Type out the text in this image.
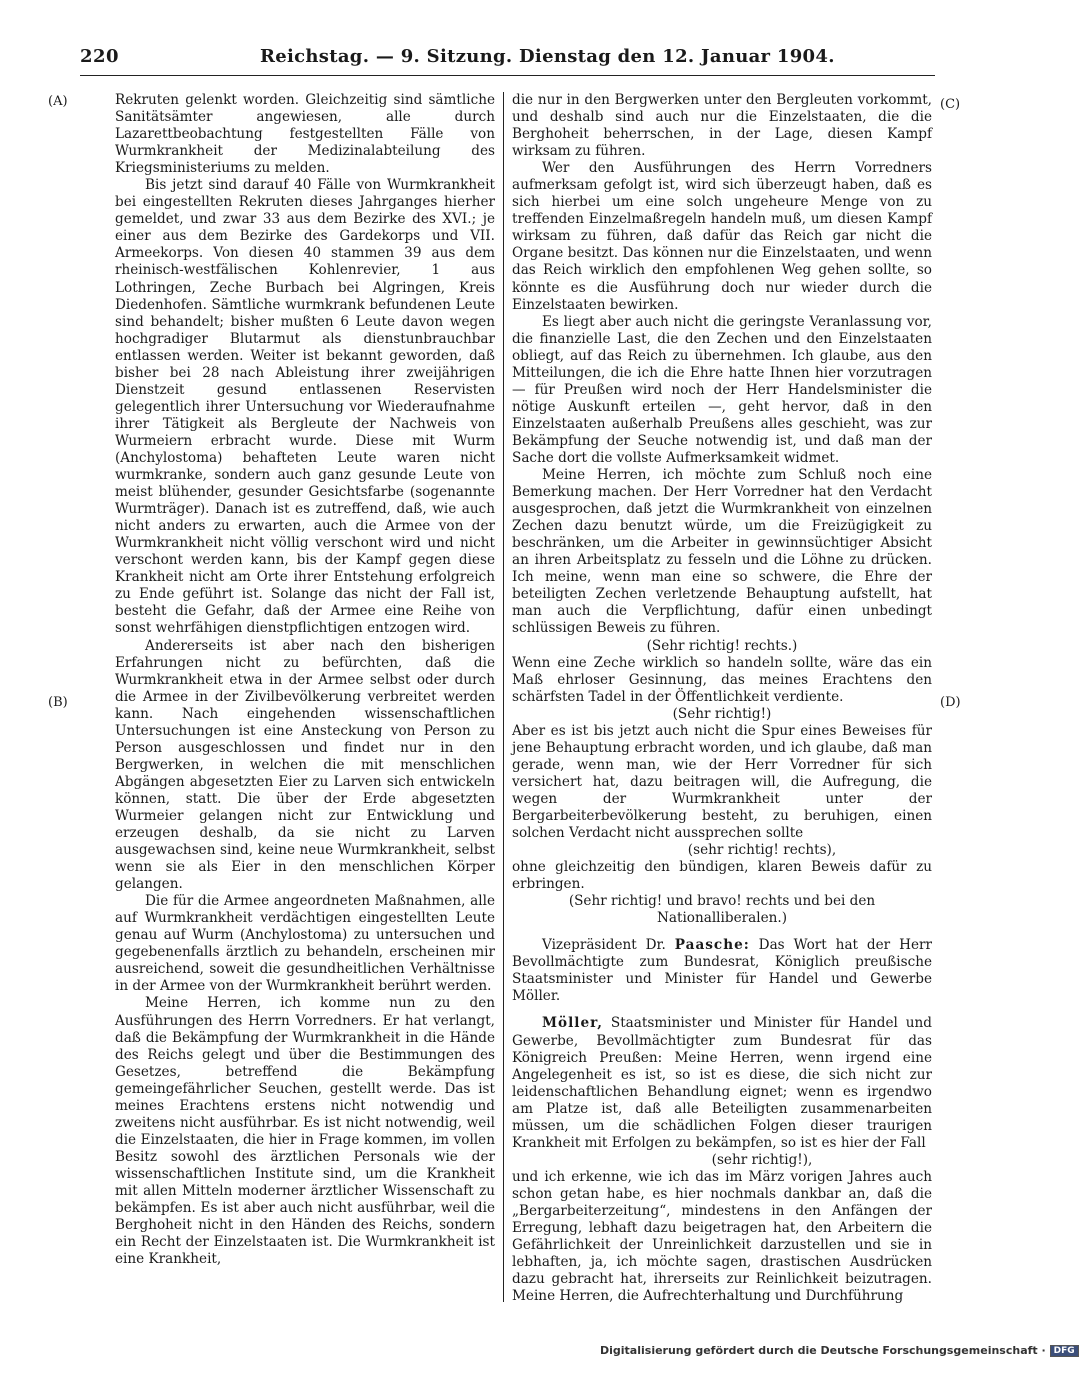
220	Reichstag. — 9. Sitzung. Dienstag den 12. Januar 1904.
(A)
(B)
(C)
(D)

Rekruten gelenkt worden. Gleichzeitig sind sämtliche Sanitätsämter angewiesen, alle durch Lazarettbeobachtung festgestellten Fälle von Wurmkrankheit der Medizinalabteilung des Kriegsministeriums zu melden.

Bis jetzt sind darauf 40 Fälle von Wurmkrankheit bei eingestellten Rekruten dieses Jahrganges hierher gemeldet, und zwar 33 aus dem Bezirke des XVI.; je einer aus dem Bezirke des Gardekorps und VII. Armeekorps. Von diesen 40 stammen 39 aus dem rheinisch-westfälischen Kohlenrevier, 1 aus Lothringen, Zeche Burbach bei Algringen, Kreis Diedenhofen. Sämtliche wurmkrank befundenen Leute sind behandelt; bisher mußten 6 Leute davon wegen hochgradiger Blutarmut als dienstunbrauchbar entlassen werden. Weiter ist bekannt geworden, daß bisher bei 28 nach Ableistung ihrer zweijährigen Dienstzeit gesund entlassenen Reservisten gelegentlich ihrer Untersuchung vor Wiederaufnahme ihrer Tätigkeit als Bergleute der Nachweis von Wurmeiern erbracht wurde. Diese mit Wurm (Anchylostoma) behafteten Leute waren nicht wurmkranke, sondern auch ganz gesunde Leute von meist blühender, gesunder Gesichtsfarbe (sogenannte Wurmträger). Danach ist es zutreffend, daß, wie auch nicht anders zu erwarten, auch die Armee von der Wurmkrankheit nicht völlig verschont wird und nicht verschont werden kann, bis der Kampf gegen diese Krankheit nicht am Orte ihrer Entstehung erfolgreich zu Ende geführt ist. Solange das nicht der Fall ist, besteht die Gefahr, daß der Armee eine Reihe von sonst wehrfähigen dienstpflichtigen entzogen wird.

Andererseits ist aber nach den bisherigen Erfahrungen nicht zu befürchten, daß die Wurmkrankheit etwa in der Armee selbst oder durch die Armee in der Zivilbevölkerung verbreitet werden kann. Nach eingehenden wissenschaftlichen Untersuchungen ist eine Ansteckung von Person zu Person ausgeschlossen und findet nur in den Bergwerken, in welchen die mit menschlichen Abgängen abgesetzten Eier zu Larven sich entwickeln können, statt. Die über der Erde abgesetzten Wurmeier gelangen nicht zur Entwicklung und erzeugen deshalb, da sie nicht zu Larven ausgewachsen sind, keine neue Wurmkrankheit, selbst wenn sie als Eier in den menschlichen Körper gelangen.

Die für die Armee angeordneten Maßnahmen, alle auf Wurmkrankheit verdächtigen eingestellten Leute genau auf Wurm (Anchylostoma) zu untersuchen und gegebenenfalls ärztlich zu behandeln, erscheinen mir ausreichend, soweit die gesundheitlichen Verhältnisse in der Armee von der Wurmkrankheit berührt werden.

Meine Herren, ich komme nun zu den Ausführungen des Herrn Vorredners. Er hat verlangt, daß die Bekämpfung der Wurmkrankheit in die Hände des Reichs gelegt und über die Bestimmungen des Gesetzes, betreffend die Bekämpfung gemeingefährlicher Seuchen, gestellt werde. Das ist meines Erachtens erstens nicht notwendig und zweitens nicht ausführbar. Es ist nicht notwendig, weil die Einzelstaaten, die hier in Frage kommen, im vollen Besitz sowohl des ärztlichen Personals wie der wissenschaftlichen Institute sind, um die Krankheit mit allen Mitteln moderner ärztlicher Wissenschaft zu bekämpfen. Es ist aber auch nicht ausführbar, weil die Berghoheit nicht in den Händen des Reichs, sondern ein Recht der Einzelstaaten ist. Die Wurmkrankheit ist eine Krankheit,

die nur in den Bergwerken unter den Bergleuten vorkommt, und deshalb sind auch nur die Einzelstaaten, die die Berghoheit beherrschen, in der Lage, diesen Kampf wirksam zu führen.

Wer den Ausführungen des Herrn Vorredners aufmerksam gefolgt ist, wird sich überzeugt haben, daß es sich hierbei um eine solch ungeheure Menge von zu treffenden Einzelmaßregeln handeln muß, um diesen Kampf wirksam zu führen, daß dafür das Reich gar nicht die Organe besitzt. Das können nur die Einzelstaaten, und wenn das Reich wirklich den empfohlenen Weg gehen sollte, so könnte es die Ausführung doch nur wieder durch die Einzelstaaten bewirken.

Es liegt aber auch nicht die geringste Veranlassung vor, die finanzielle Last, die den Zechen und den Einzelstaaten obliegt, auf das Reich zu übernehmen. Ich glaube, aus den Mitteilungen, die ich die Ehre hatte Ihnen hier vorzutragen — für Preußen wird noch der Herr Handelsminister die nötige Auskunft erteilen —, geht hervor, daß in den Einzelstaaten außerhalb Preußens alles geschieht, was zur Bekämpfung der Seuche notwendig ist, und daß man der Sache dort die vollste Aufmerksamkeit widmet.

Meine Herren, ich möchte zum Schluß noch eine Bemerkung machen. Der Herr Vorredner hat den Verdacht ausgesprochen, daß jetzt die Wurmkrankheit von einzelnen Zechen dazu benutzt würde, um die Freizügigkeit zu beschränken, um die Arbeiter in gewinnsüchtiger Absicht an ihren Arbeitsplatz zu fesseln und die Löhne zu drücken. Ich meine, wenn man eine so schwere, die Ehre der beteiligten Zechen verletzende Behauptung aufstellt, hat man auch die Verpflichtung, dafür einen unbedingt schlüssigen Beweis zu führen.

(Sehr richtig! rechts.)

Wenn eine Zeche wirklich so handeln sollte, wäre das ein Maß ehrloser Gesinnung, das meines Erachtens den schärfsten Tadel in der Öffentlichkeit verdiente.

(Sehr richtig!)

Aber es ist bis jetzt auch nicht die Spur eines Beweises für jene Behauptung erbracht worden, und ich glaube, daß man gerade, wenn man, wie der Herr Vorredner für sich versichert hat, dazu beitragen will, die Aufregung, die wegen der Wurmkrankheit unter der Bergarbeiterbevölkerung besteht, zu beruhigen, einen solchen Verdacht nicht aussprechen sollte

(sehr richtig! rechts),

ohne gleichzeitig den bündigen, klaren Beweis dafür zu erbringen.

(Sehr richtig! und bravo! rechts und bei den Nationalliberalen.)

Vizepräsident Dr. Paasche: Das Wort hat der Herr Bevollmächtigte zum Bundesrat, Königlich preußische Staatsminister und Minister für Handel und Gewerbe Möller.

Möller, Staatsminister und Minister für Handel und Gewerbe, Bevollmächtigter zum Bundesrat für das Königreich Preußen: Meine Herren, wenn irgend eine Angelegenheit es ist, so ist es diese, die sich nicht zur leidenschaftlichen Behandlung eignet; wenn es irgendwo am Platze ist, daß alle Beteiligten zusammenarbeiten müssen, um die schädlichen Folgen dieser traurigen Krankheit mit Erfolgen zu bekämpfen, so ist es hier der Fall

(sehr richtig!),

und ich erkenne, wie ich das im März vorigen Jahres auch schon getan habe, es hier nochmals dankbar an, daß die „Bergarbeiterzeitung“, mindestens in den Anfängen der Erregung, lebhaft dazu beigetragen hat, den Arbeitern die Gefährlichkeit der Unreinlichkeit darzustellen und sie in lebhaften, ja, ich möchte sagen, drastischen Ausdrücken dazu gebracht hat, ihrerseits zur Reinlichkeit beizutragen. Meine Herren, die Aufrechterhaltung und Durchführung

Digitalisierung gefördert durch die Deutsche Forschungsgemeinschaft · DFG
